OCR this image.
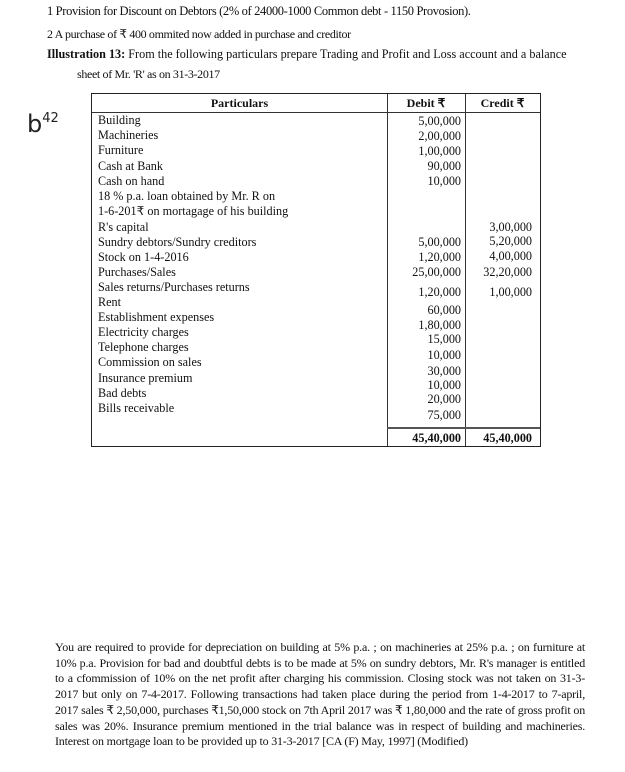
1 Provision for Discount on Debtors (2% of 24000-1000 Common debt - 1150 Provosion).
2 A purchase of ₹ 400 ommited now added in purchase and creditor
Illustration 13: From the following particulars prepare Trading and Profit and Loss account and a balance
sheet of Mr. 'R' as on 31-3-2017
$b^{42}$
Particulars	Debit ₹	Credit ₹
Building
Machineries
Furniture
Cash at Bank
Cash on hand
18 % p.a. loan obtained by Mr. R on
1-6-201₹ on mortagage of his building
R's capital
Sundry debtors/Sundry creditors
Stock on 1-4-2016
Purchases/Sales
Sales returns/Purchases returns
Rent
Establishment expenses
Electricity charges
Telephone charges
Commission on sales
Insurance premium
Bad debts
Bills receivable
5,00,000
2,00,000
1,00,000
90,000
10,000
5,00,000
1,20,000
25,00,000
1,20,000
60,000
1,80,000
15,000
10,000
30,000
10,000
20,000
75,000
3,00,000
5,20,000
4,00,000
32,20,000
1,00,000
45,40,000 45,40,000
You are required to provide for depreciation on building at 5% p.a. ; on machineries at 25% p.a. ; on furniture at 10% p.a. Provision for bad and doubtful debts is to be made at 5% on sundry debtors, Mr. R's manager is entitled to a cfommission of 10% on the net profit after charging his commission. Closing stock was not taken on 31-3-2017 but only on 7-4-2017. Following transactions had taken place during the period from 1-4-2017 to 7-april, 2017 sales ₹ 2,50,000, purchases ₹1,50,000 stock on 7th April 2017 was ₹ 1,80,000 and the rate of gross profit on sales was 20%. Insurance premium mentioned in the trial balance was in respect of building and machineries. Interest on mortgage loan to be provided up to 31-3-2017 [CA (F) May, 1997] (Modified)
